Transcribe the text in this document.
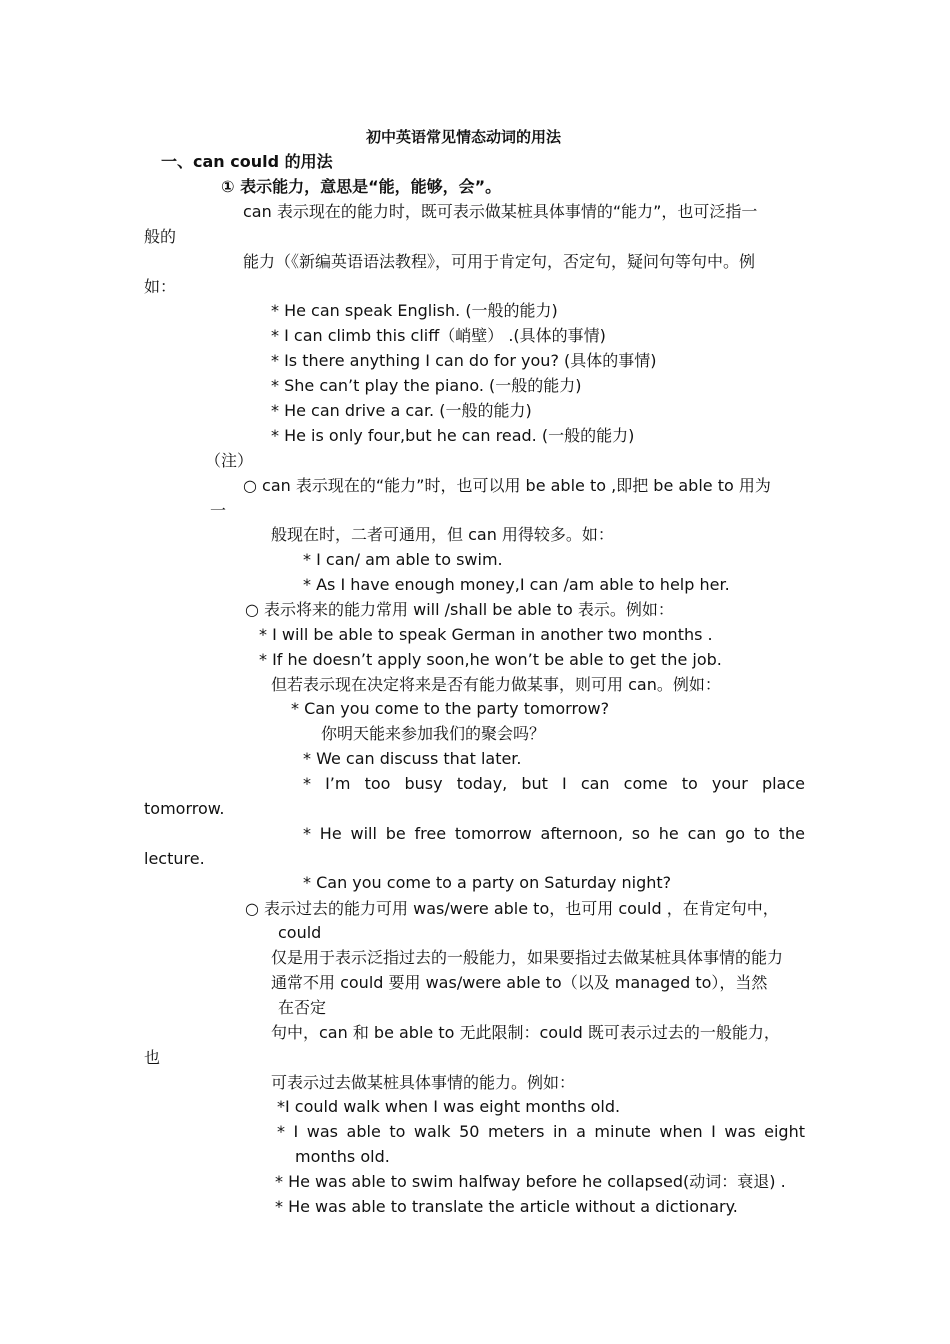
初中英语常见情态动词的用法
一、can could 的用法
① 表示能力，意思是“能，能够，会”。
can 表示现在的能力时，既可表示做某桩具体事情的“能力”，也可泛指一
般的
能力（《新编英语语法教程》，可用于肯定句，否定句，疑问句等句中。例
如：
* He can speak English. (一般的能力)
* I can climb this cliff（峭壁） .(具体的事情)
* Is there anything I can do for you? (具体的事情)
* She can’t play the piano. (一般的能力)
* He can drive a car. (一般的能力)
* He is only four,but he can read. (一般的能力)
（注）
○ can 表示现在的“能力”时，也可以用 be able to ,即把 be able to 用为
一
般现在时，二者可通用，但 can 用得较多。如：
* I can/ am able to swim.
* As I have enough money,I can /am able to help her.
○ 表示将来的能力常用 will /shall be able to 表示。例如：
* I will be able to speak German in another two months .
* If he doesn’t apply soon,he won’t be able to get the job.
但若表示现在决定将来是否有能力做某事，则可用 can。例如：
* Can you come to the party tomorrow?
你明天能来参加我们的聚会吗？
* We can discuss that later.
* I’m too busy today, but I can come to your place
tomorrow.
* He will be free tomorrow afternoon, so he can go to the
lecture.
* Can you come to a party on Saturday night?
○ 表示过去的能力可用 was/were able to，也可用 could ，在肯定句中，
could
仅是用于表示泛指过去的一般能力，如果要指过去做某桩具体事情的能力
通常不用 could 要用 was/were able to（以及 managed to），当然
在否定
句中，can 和 be able to 无此限制：could 既可表示过去的一般能力，
也
可表示过去做某桩具体事情的能力。例如：
*I could walk when I was eight months old.
* I was able to walk 50 meters in a minute when I was eight
months old.
* He was able to swim halfway before he collapsed(动词：衰退) .
* He was able to translate the article without a dictionary.
